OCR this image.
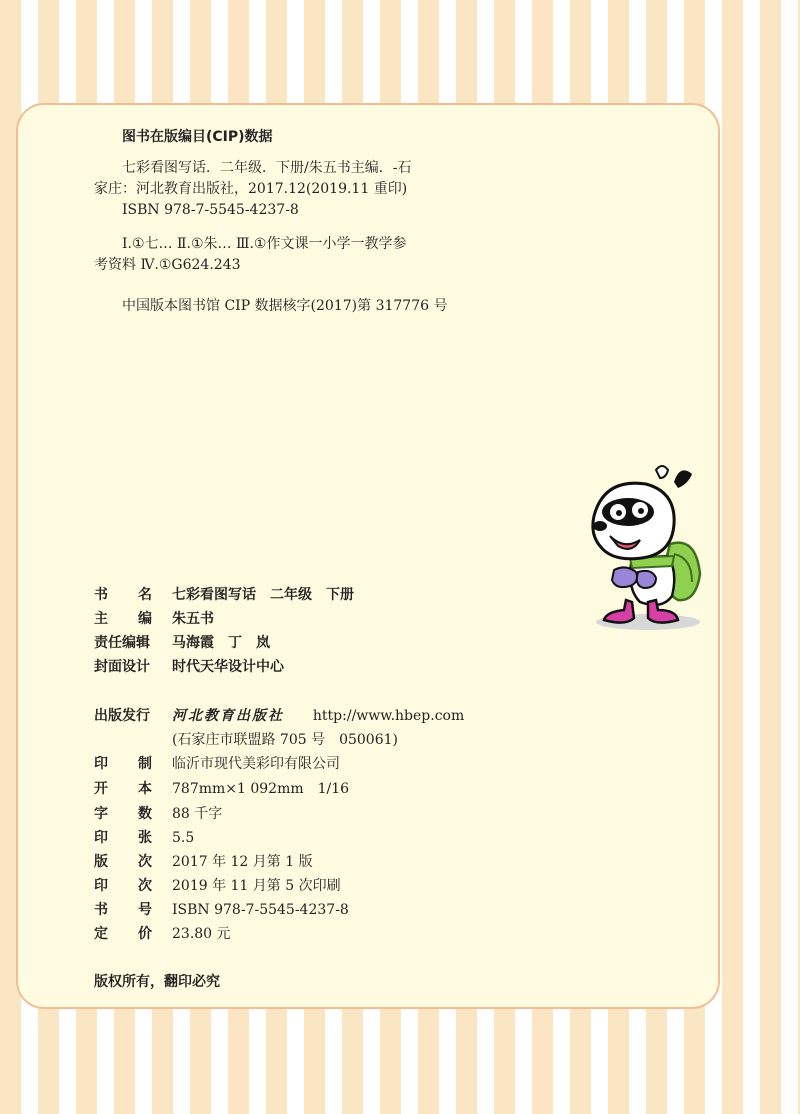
图书在版编目(CIP)数据
七彩看图写话．二年级．下册/朱五书主编．-石
家庄：河北教育出版社，2017.12(2019.11 重印)
ISBN 978-7-5545-4237-8
Ⅰ.①七… Ⅱ.①朱… Ⅲ.①作文课一小学一教学参
考资料 Ⅳ.①G624.243
中国版本图书馆 CIP 数据核字(2017)第 317776 号
书 名 七彩看图写话　二年级　下册
主 编 朱五书
责任编辑 马海霞　丁　岚
封面设计 时代天华设计中心
出版发行 河北教育出版社 http://www.hbep.com
(石家庄市联盟路 705 号　050061)
印 制 临沂市现代美彩印有限公司
开 本 787mm×1 092mm　1/16
字 数 88 千字
印 张 5.5
版 次 2017 年 12 月第 1 版
印 次 2019 年 11 月第 5 次印刷
书 号 ISBN 978-7-5545-4237-8
定 价 23.80 元
版权所有，翻印必究
